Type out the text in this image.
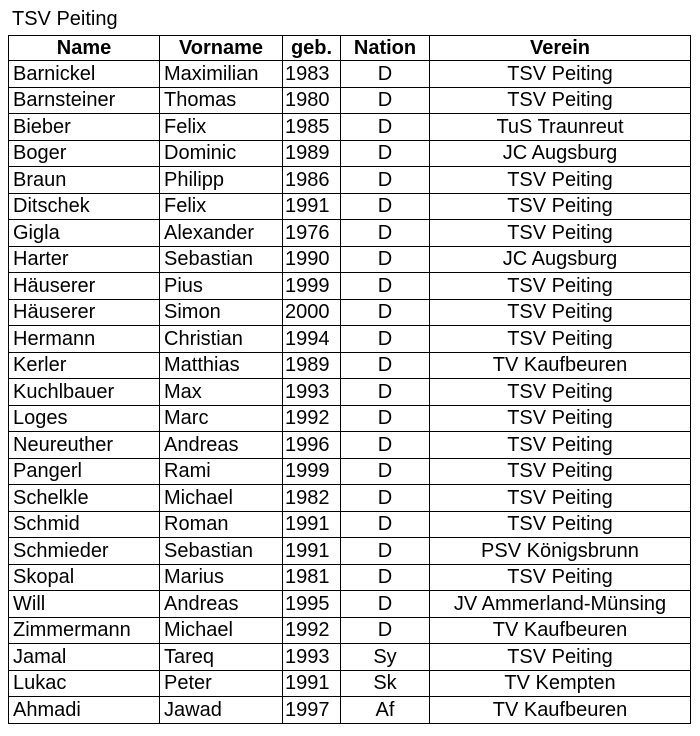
TSV Peiting
Name	Vorname	geb.	Nation	Verein
Barnickel	Maximilian	1983	D	TSV Peiting
Barnsteiner	Thomas	1980	D	TSV Peiting
Bieber	Felix	1985	D	TuS Traunreut
Boger	Dominic	1989	D	JC Augsburg
Braun	Philipp	1986	D	TSV Peiting
Ditschek	Felix	1991	D	TSV Peiting
Gigla	Alexander	1976	D	TSV Peiting
Harter	Sebastian	1990	D	JC Augsburg
Häuserer	Pius	1999	D	TSV Peiting
Häuserer	Simon	2000	D	TSV Peiting
Hermann	Christian	1994	D	TSV Peiting
Kerler	Matthias	1989	D	TV Kaufbeuren
Kuchlbauer	Max	1993	D	TSV Peiting
Loges	Marc	1992	D	TSV Peiting
Neureuther	Andreas	1996	D	TSV Peiting
Pangerl	Rami	1999	D	TSV Peiting
Schelkle	Michael	1982	D	TSV Peiting
Schmid	Roman	1991	D	TSV Peiting
Schmieder	Sebastian	1991	D	PSV Königsbrunn
Skopal	Marius	1981	D	TSV Peiting
Will	Andreas	1995	D	JV Ammerland-Münsing
Zimmermann	Michael	1992	D	TV Kaufbeuren
Jamal	Tareq	1993	Sy	TSV Peiting
Lukac	Peter	1991	Sk	TV Kempten
Ahmadi	Jawad	1997	Af	TV Kaufbeuren
